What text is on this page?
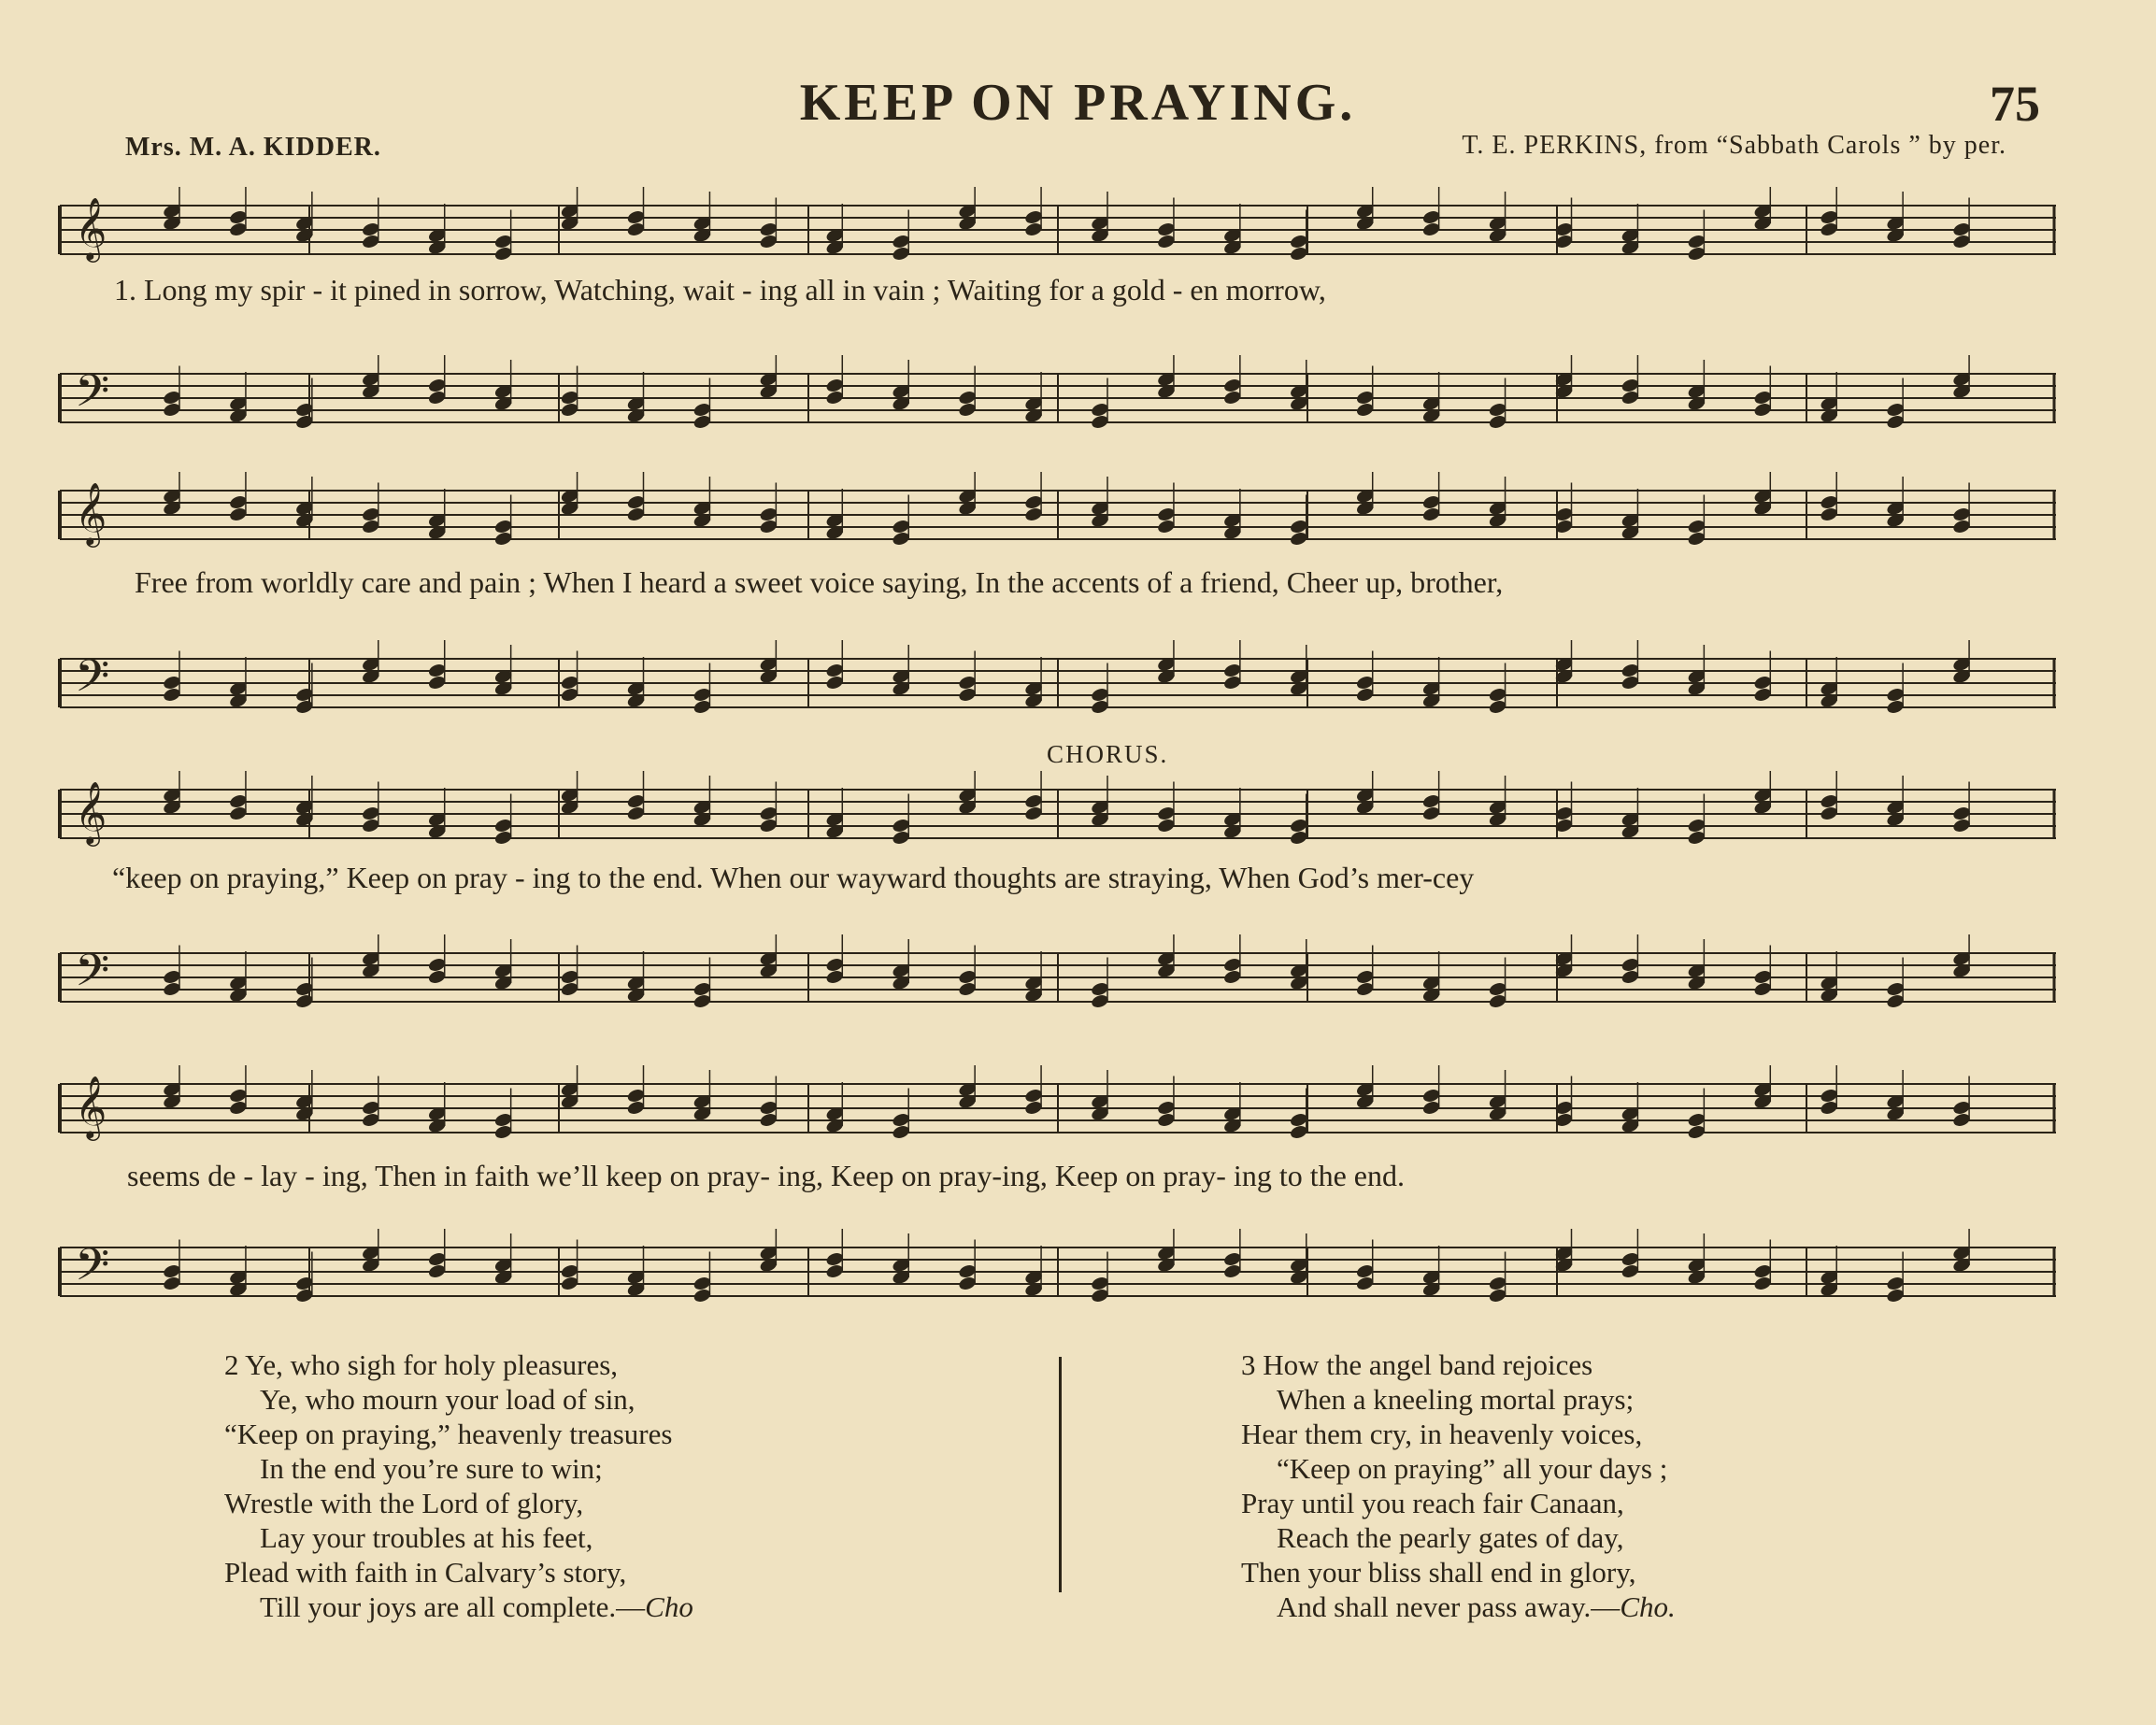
KEEP ON PRAYING.	75
Mrs. M. A. KIDDER.	T. E. PERKINS, from “Sabbath Carols ” by per.
𝄞
1. Long my spir - it pined in sorrow, Watching, wait - ing all in vain ; Waiting for a gold - en morrow,
𝄢
𝄞
Free from worldly care and pain ; When I heard a sweet voice saying, In the accents of a friend, Cheer up, brother,
𝄢
CHORUS.
𝄞
“keep on praying,” Keep on pray - ing to the end. When our wayward thoughts are straying, When God’s mer-cey
𝄢
𝄞
seems de - lay - ing, Then in faith we’ll keep on pray- ing, Keep on pray-ing, Keep on pray- ing to the end.
𝄢
2 Ye, who sigh for holy pleasures,
Ye, who mourn your load of sin,
“Keep on praying,” heavenly treasures
In the end you’re sure to win;
Wrestle with the Lord of glory,
Lay your troubles at his feet,
Plead with faith in Calvary’s story,
Till your joys are all complete.—Cho
3 How the angel band rejoices
When a kneeling mortal prays;
Hear them cry, in heavenly voices,
“Keep on praying” all your days ;
Pray until you reach fair Canaan,
Reach the pearly gates of day,
Then your bliss shall end in glory,
And shall never pass away.—Cho.
